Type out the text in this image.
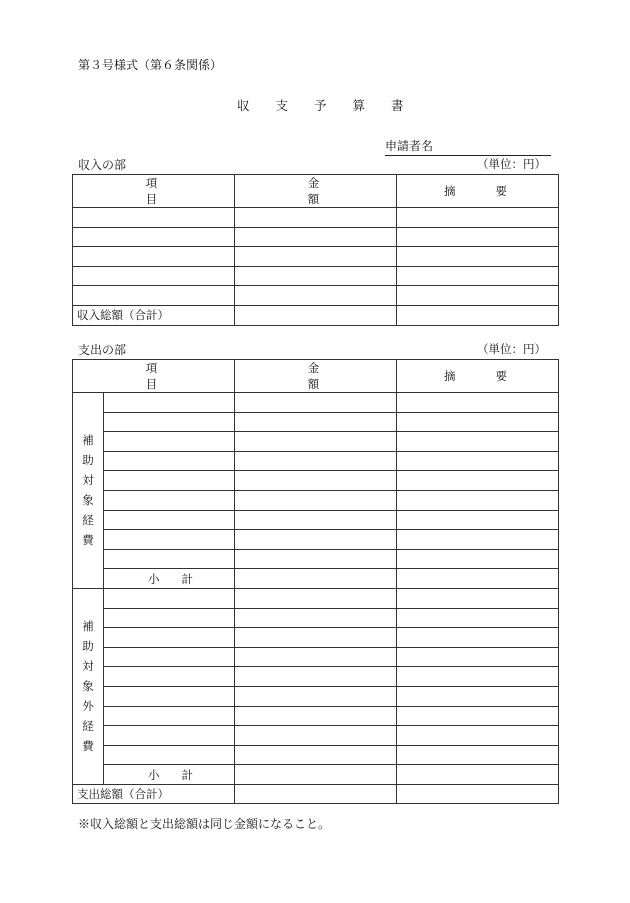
第３号様式（第６条関係）
収支予算書
申請者名
収入の部	（単位：円）
項目	金額	摘要

収入総額（合計）		
支出の部	（単位：円）
項目		金額	摘要
補助対象経費			

	小計		
補助対象外経費			

	小計		
支出総額（合計）			
※収入総額と支出総額は同じ金額になること。
